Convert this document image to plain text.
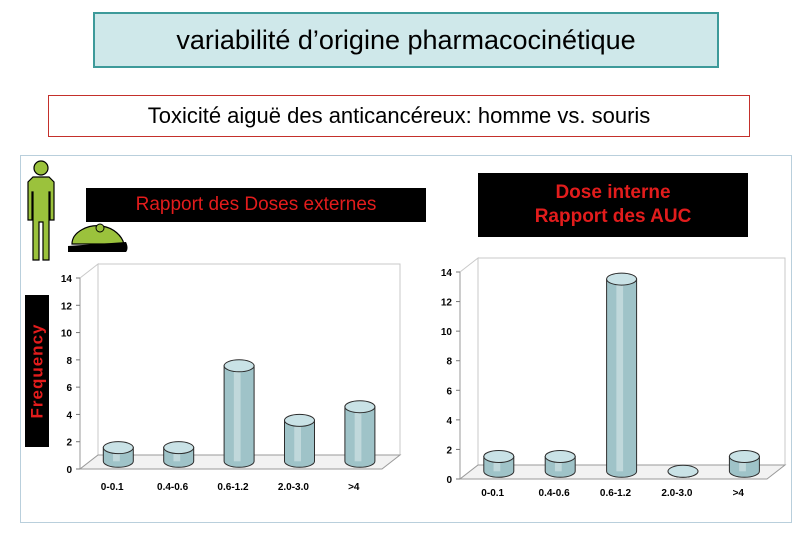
variabilité d’origine pharmacocinétique
Toxicité aiguë des anticancéreux: homme vs. souris
Rapport des Doses externes
Dose interne
Rapport des AUC
Frequency
0
2
4
6
8
10
12
14
0-0.1	0.4-0.6	0.6-1.2	2.0-3.0	>4
0
2
4
6
8
10
12
14
0-0.1	0.4-0.6	0.6-1.2	2.0-3.0	>4
